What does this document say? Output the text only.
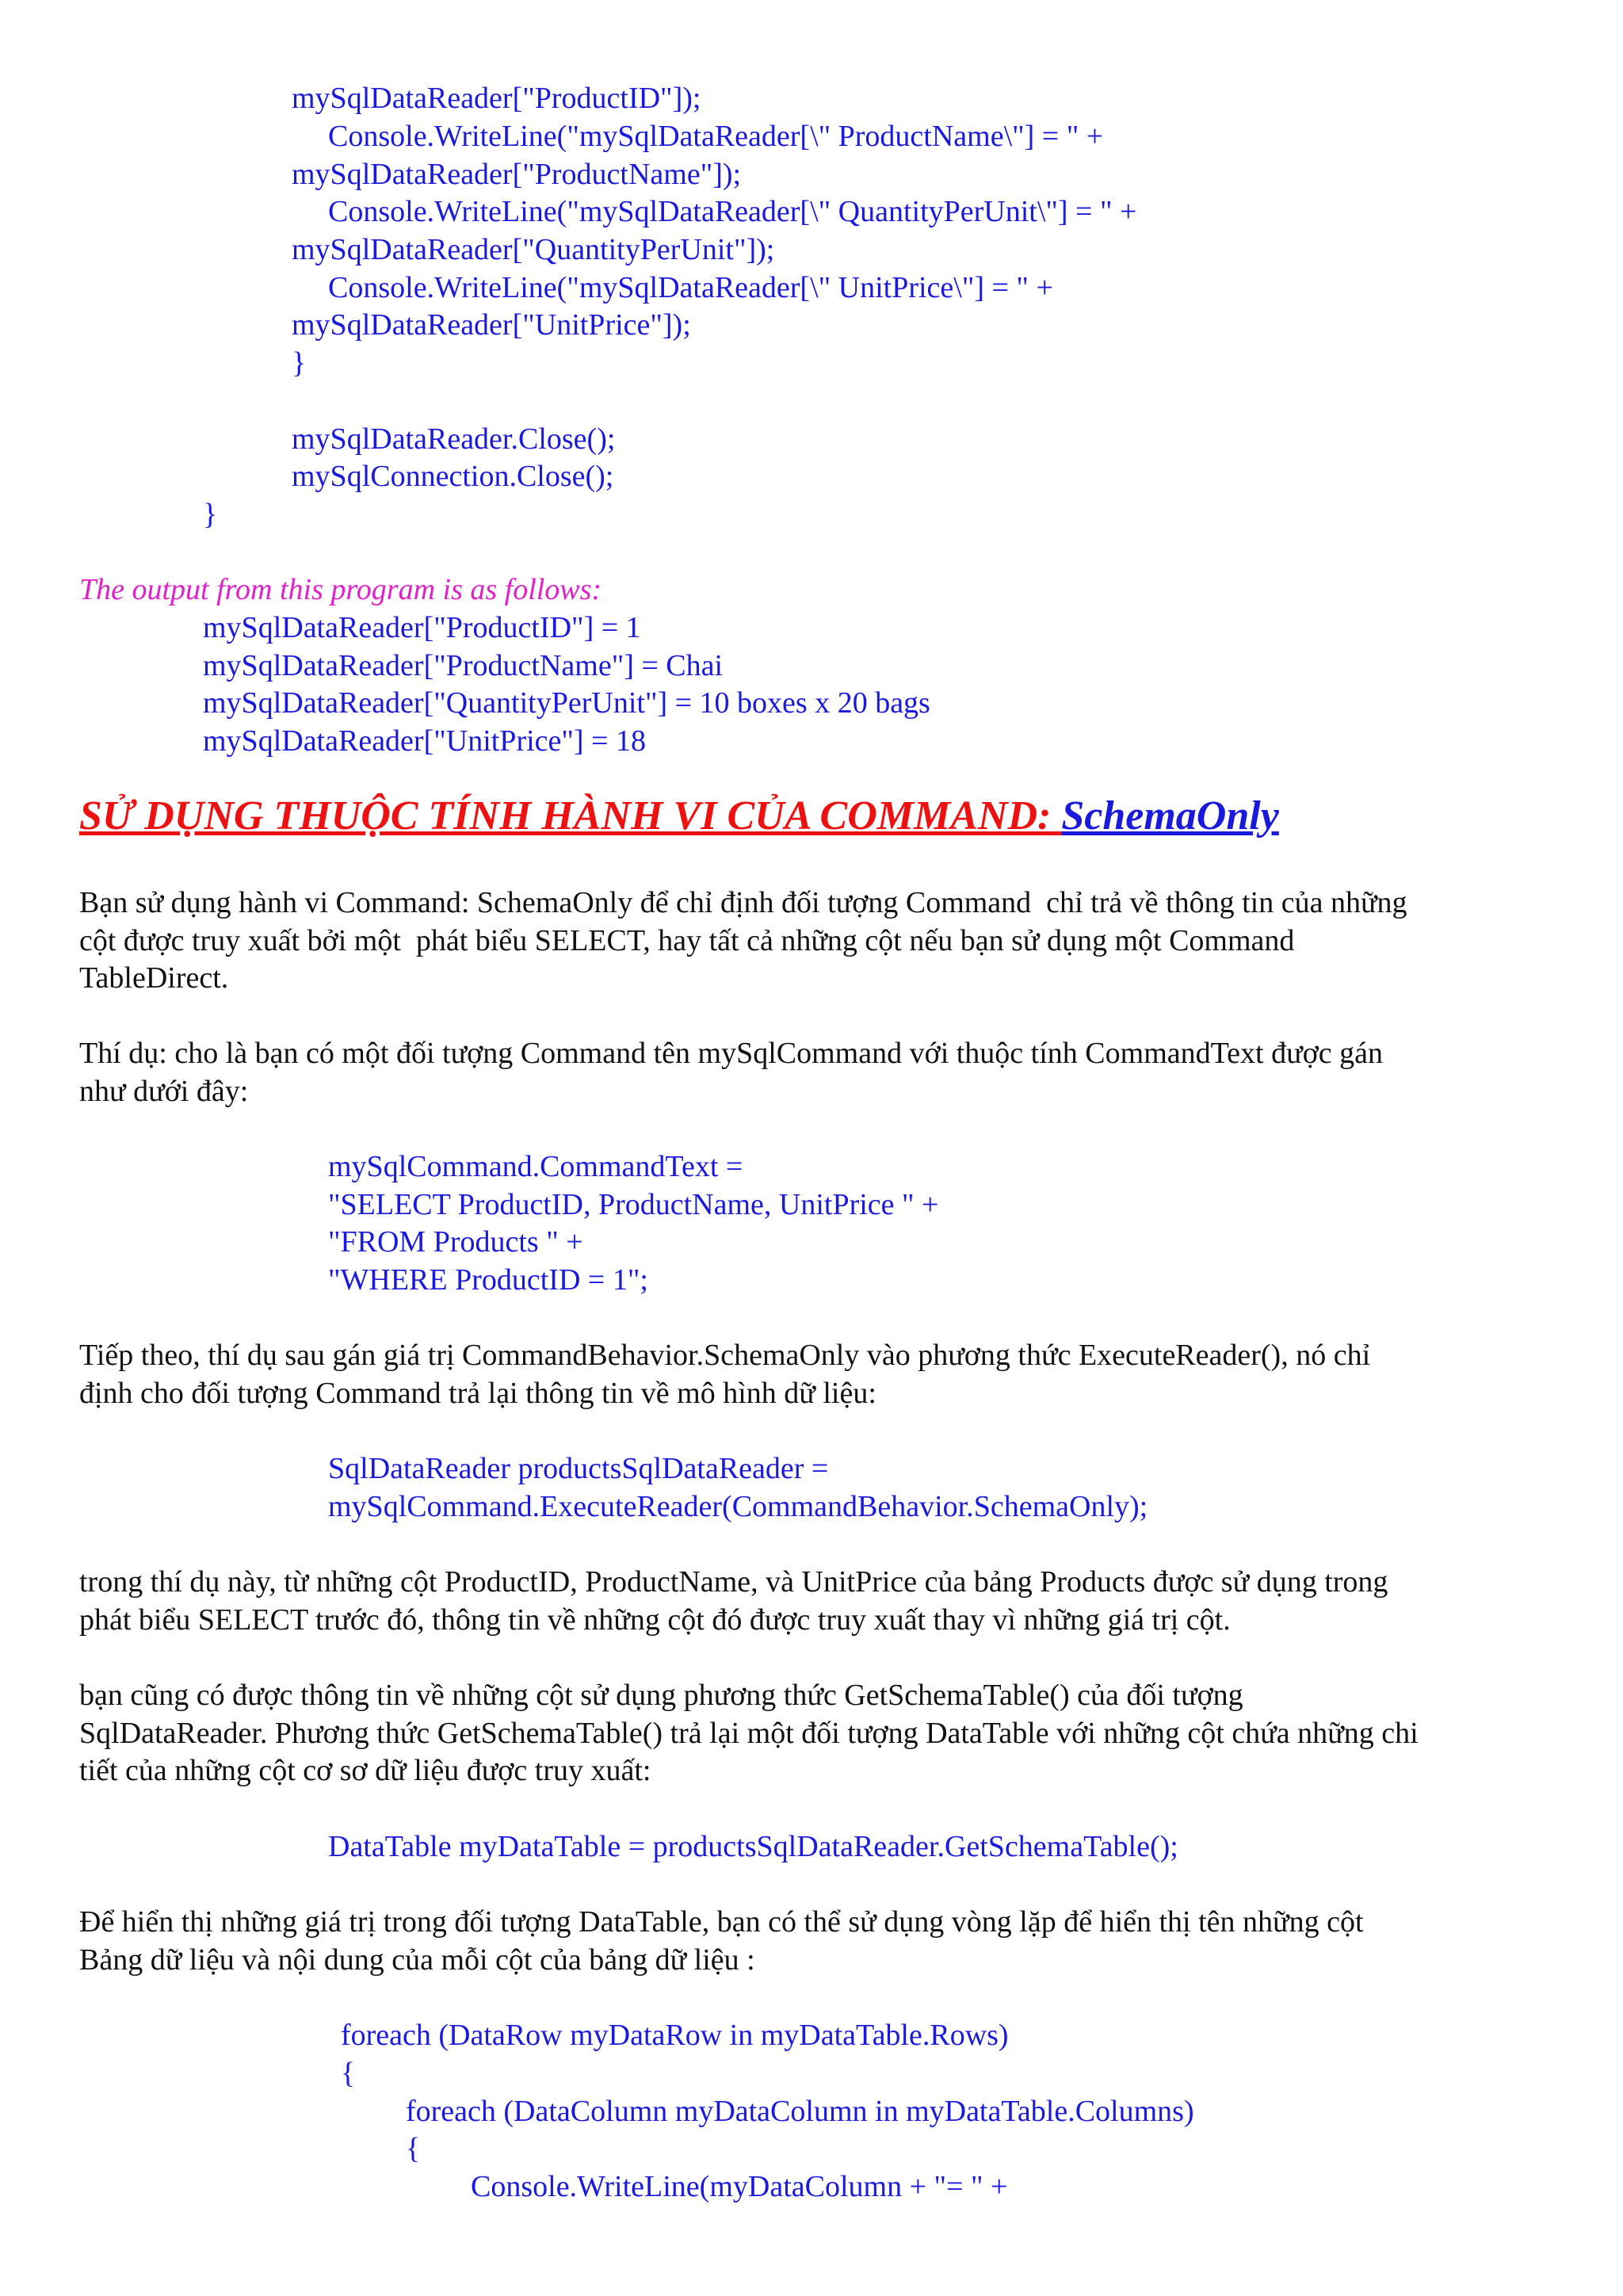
mySqlDataReader["ProductID"]);
Console.WriteLine("mySqlDataReader[\" ProductName\"] = " +
mySqlDataReader["ProductName"]);
Console.WriteLine("mySqlDataReader[\" QuantityPerUnit\"] = " +
mySqlDataReader["QuantityPerUnit"]);
Console.WriteLine("mySqlDataReader[\" UnitPrice\"] = " +
mySqlDataReader["UnitPrice"]);
}
mySqlDataReader.Close();
mySqlConnection.Close();
}
The output from this program is as follows:
mySqlDataReader["ProductID"] = 1
mySqlDataReader["ProductName"] = Chai
mySqlDataReader["QuantityPerUnit"] = 10 boxes x 20 bags
mySqlDataReader["UnitPrice"] = 18
SỬ DỤNG THUỘC TÍNH HÀNH VI CỦA COMMAND: SchemaOnly
Bạn sử dụng hành vi Command: SchemaOnly để chỉ định đối tượng Command  chỉ trả về thông tin của những
cột được truy xuất bởi một  phát biểu SELECT, hay tất cả những cột nếu bạn sử dụng một Command
TableDirect.
Thí dụ: cho là bạn có một đối tượng Command tên mySqlCommand với thuộc tính CommandText được gán
như dưới đây:
mySqlCommand.CommandText =
"SELECT ProductID, ProductName, UnitPrice " +
"FROM Products " +
"WHERE ProductID = 1";
Tiếp theo, thí dụ sau gán giá trị CommandBehavior.SchemaOnly vào phương thức ExecuteReader(), nó chỉ
định cho đối tượng Command trả lại thông tin về mô hình dữ liệu:
SqlDataReader productsSqlDataReader =
mySqlCommand.ExecuteReader(CommandBehavior.SchemaOnly);
trong thí dụ này, từ những cột ProductID, ProductName, và UnitPrice của bảng Products được sử dụng trong
phát biểu SELECT trước đó, thông tin về những cột đó được truy xuất thay vì những giá trị cột.
bạn cũng có được thông tin về những cột sử dụng phương thức GetSchemaTable() của đối tượng
SqlDataReader. Phương thức GetSchemaTable() trả lại một đối tượng DataTable với những cột chứa những chi
tiết của những cột cơ sơ dữ liệu được truy xuất:
DataTable myDataTable = productsSqlDataReader.GetSchemaTable();
Để hiển thị những giá trị trong đối tượng DataTable, bạn có thể sử dụng vòng lặp để hiển thị tên những cột
Bảng dữ liệu và nội dung của mỗi cột của bảng dữ liệu :
foreach (DataRow myDataRow in myDataTable.Rows)
{
foreach (DataColumn myDataColumn in myDataTable.Columns)
{
Console.WriteLine(myDataColumn + "= " +
